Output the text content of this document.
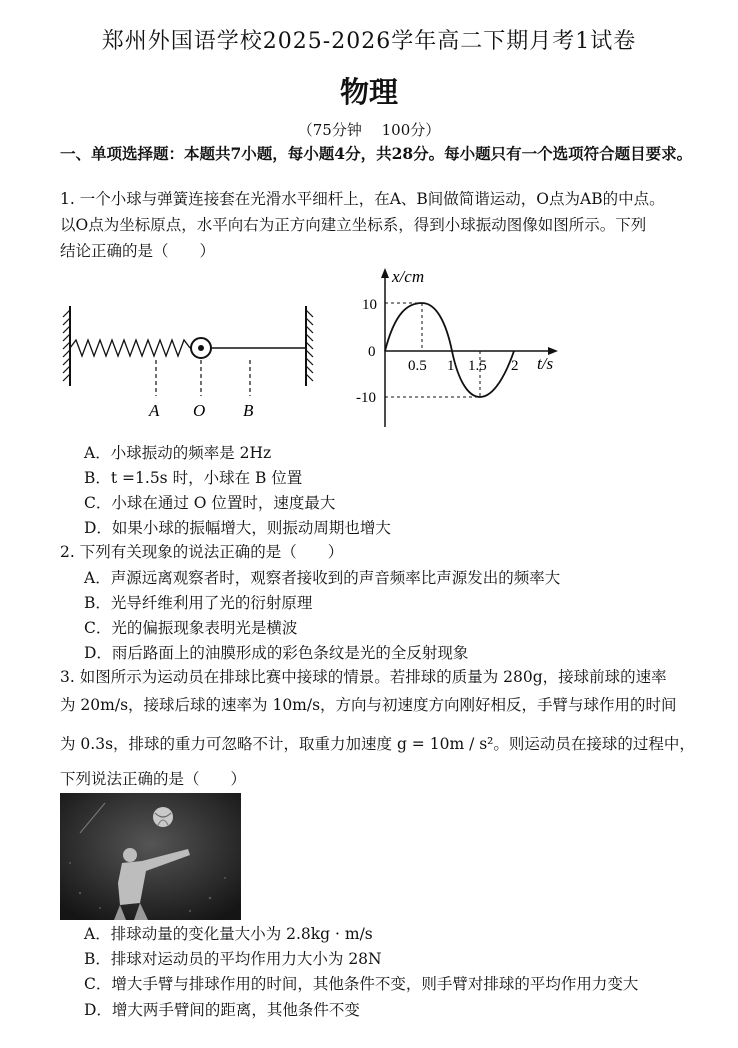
郑州外国语学校2025-2026学年高二下期月考1试卷
物理
（75分钟　 100分）
一、单项选择题：本题共7小题，每小题4分，共28分。每小题只有一个选项符合题目要求。
1. 一个小球与弹簧连接套在光滑水平细杆上，在A、B间做简谐运动，O点为AB的中点。
以O点为坐标原点，水平向右为正方向建立坐标系，得到小球振动图像如图所示。下列
结论正确的是（　　）
A O B
x/cm
t/s
0
10
-10
0.5 1 1.5 2
A．小球振动的频率是 2Hz
B．t =1.5s 时，小球在 B 位置
C．小球在通过 O 位置时，速度最大
D．如果小球的振幅增大，则振动周期也增大
2. 下列有关现象的说法正确的是（　　）
A．声源远离观察者时，观察者接收到的声音频率比声源发出的频率大
B．光导纤维利用了光的衍射原理
C．光的偏振现象表明光是横波
D．雨后路面上的油膜形成的彩色条纹是光的全反射现象
3. 如图所示为运动员在排球比赛中接球的情景。若排球的质量为 280g，接球前球的速率
为 20m/s，接球后球的速率为 10m/s，方向与初速度方向刚好相反，手臂与球作用的时间
为 0.3s，排球的重力可忽略不计，取重力加速度 g = 10m / s²。则运动员在接球的过程中，
下列说法正确的是（　　）
A．排球动量的变化量大小为 2.8kg · m/s
B．排球对运动员的平均作用力大小为 28N
C．增大手臂与排球作用的时间，其他条件不变，则手臂对排球的平均作用力变大
D．增大两手臂间的距离，其他条件不变
